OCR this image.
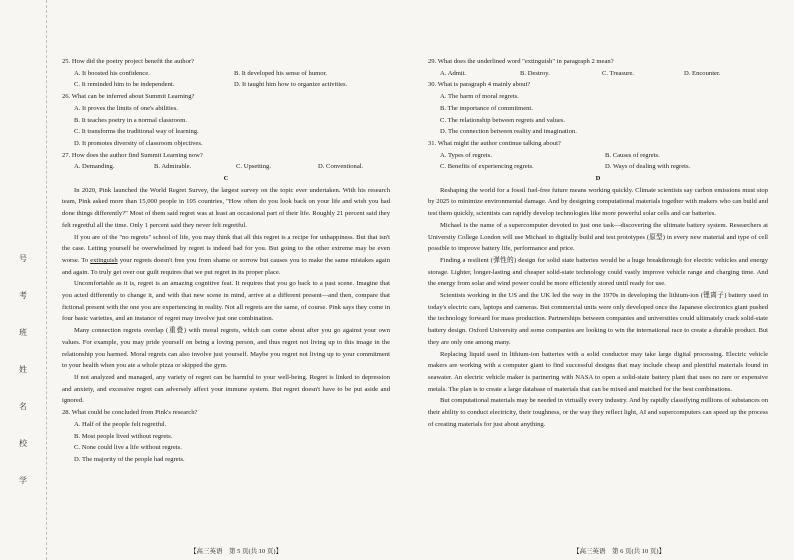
号
考
班
姓
名
校
学

25. How did the poetry project benefit the author?

A. It boosted his confidence.	B. It developed his sense of humor.
C. It reminded him to be independent.	D. It taught him how to organize activities.

26. What can be inferred about Summit Learning?

A. It proves the limits of one's abilities.
B. It teaches poetry in a normal classroom.
C. It transforms the traditional way of learning.
D. It promotes diversity of classroom objectives.

27. How does the author find Summit Learning now?

A. Demanding.	B. Admirable.	C. Upsetting.	D. Conventional.

C

In 2020, Pink launched the World Regret Survey, the largest survey on the topic ever undertaken. With his research team, Pink asked more than 15,000 people in 105 countries, "How often do you look back on your life and wish you had done things differently?" Most of them said regret was at least an occasional part of their life. Roughly 21 percent said they felt regretful all the time. Only 1 percent said they never felt regretful.

If you are of the "no regrets" school of life, you may think that all this regret is a recipe for unhappiness. But that isn't the case. Letting yourself be overwhelmed by regret is indeed bad for you. But going to the other extreme may be even worse. To extinguish your regrets doesn't free you from shame or sorrow but causes you to make the same mistakes again and again. To truly get over our guilt requires that we put regret in its proper place.

Uncomfortable as it is, regret is an amazing cognitive feat. It requires that you go back to a past scene. Imagine that you acted differently to change it, and with that new scene in mind, arrive at a different present—and then, compare that fictional present with the one you are experiencing in reality. Not all regrets are the same, of course. Pink says they come in four basic varieties, and an instance of regret may involve just one combination.

Many connection regrets overlap (重叠) with moral regrets, which can come about after you go against your own values. For example, you may pride yourself on being a loving person, and thus regret not living up to this image in the relationship you harmed. Moral regrets can also involve just yourself. Maybe you regret not living up to your commitment to your health when you ate a whole pizza or skipped the gym.

If not analyzed and managed, any variety of regret can be harmful to your well-being. Regret is linked to depression and anxiety, and excessive regret can adversely affect your immune system. But regret doesn't have to be put aside and ignored.

28. What could be concluded from Pink's research?

A. Half of the people felt regretful.
B. Most people lived without regrets.
C. None could live a life without regrets.
D. The majority of the people had regrets.

29. What does the underlined word "extinguish" in paragraph 2 mean?

A. Admit.	B. Destroy.	C. Treasure.	D. Encounter.

30. What is paragraph 4 mainly about?

A. The harm of moral regrets.
B. The importance of commitment.
C. The relationship between regrets and values.
D. The connection between reality and imagination.

31. What might the author continue talking about?

A. Types of regrets.	B. Causes of regrets.
C. Benefits of experiencing regrets.	D. Ways of dealing with regrets.

D

Reshaping the world for a fossil fuel-free future means working quickly. Climate scientists say carbon emissions must stop by 2025 to minimize environmental damage. And by designing computational materials together with makers who can build and test them quickly, scientists can rapidly develop technologies like more powerful solar cells and car batteries.

Michael is the name of a supercomputer devoted to just one task—discovering the ultimate battery system. Researchers at University College London will use Michael to digitally build and test prototypes (原型) in every new material and type of cell possible to improve battery life, performance and price.

Finding a resilient (弹性的) design for solid state batteries would be a huge breakthrough for electric vehicles and energy storage. Lighter, longer-lasting and cheaper solid-state technology could vastly improve vehicle range and charging time. And the energy from solar and wind power could be more efficiently stored until ready for use.

Scientists working in the US and the UK led the way in the 1970s in developing the lithium-ion (锂离子) battery used in today's electric cars, laptops and cameras. But commercial units were only developed once the Japanese electronics giant pushed the technology forward for mass production. Partnerships between companies and universities could ultimately crack solid-state battery design. Oxford University and some companies are looking to win the international race to create a durable product. But they are only one among many.

Replacing liquid used in lithium-ion batteries with a solid conductor may take large digital processing. Electric vehicle makers are working with a computer giant to find successful designs that may include cheap and plentiful materials found in seawater. An electric vehicle maker is partnering with NASA to open a solid-state battery plant that uses no rare or expensive metals. The plan is to create a large database of materials that can be mixed and matched for the best combinations.

But computational materials may be needed in virtually every industry. And by rapidly classifying millions of substances on their ability to conduct electricity, their toughness, or the way they reflect light, AI and supercomputers can speed up the process of creating materials for just about anything.

【高三英语　第 5 页(共 10 页)】	【高三英语　第 6 页(共 10 页)】
